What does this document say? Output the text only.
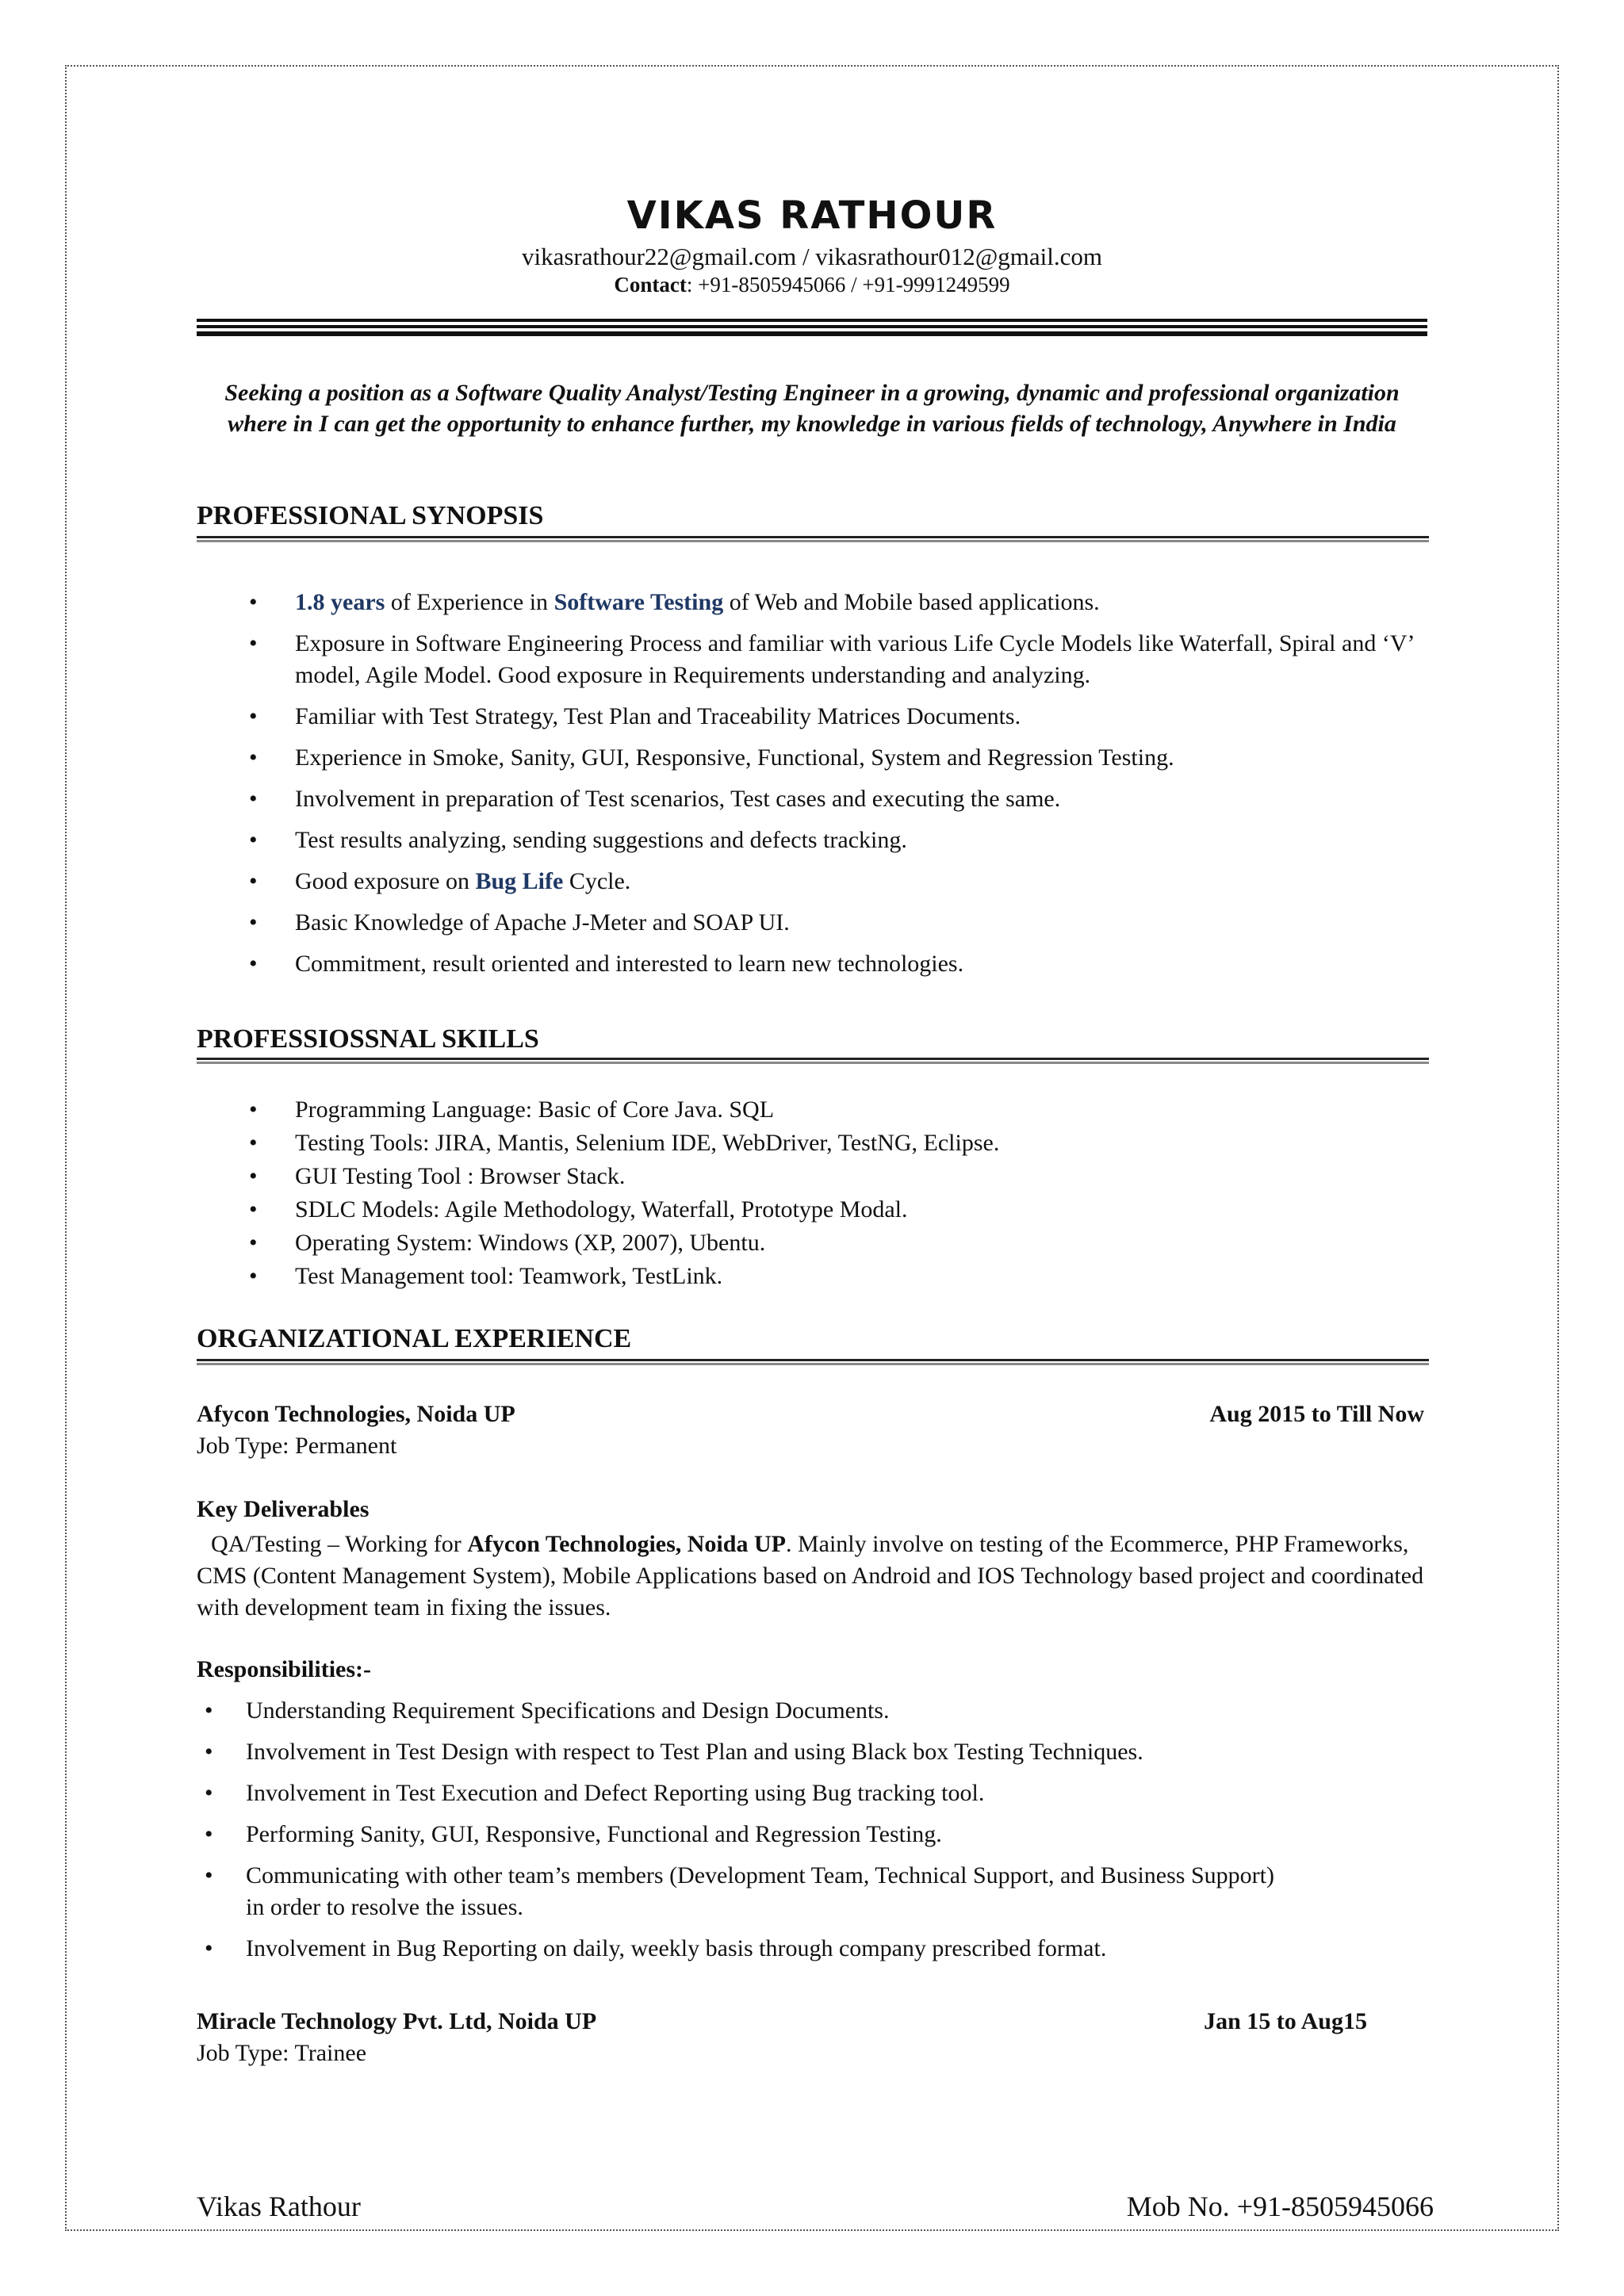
VIKAS RATHOUR
vikasrathour22@gmail.com / vikasrathour012@gmail.com
Contact: +91-8505945066 / +91-9991249599
Seeking a position as a Software Quality Analyst/Testing Engineer in a growing, dynamic and professional organization where in I can get the opportunity to enhance further, my knowledge in various fields of technology, Anywhere in India
PROFESSIONAL SYNOPSIS
• 1.8 years of Experience in Software Testing of Web and Mobile based applications.
• Exposure in Software Engineering Process and familiar with various Life Cycle Models like Waterfall, Spiral and ‘V’ model, Agile Model. Good exposure in Requirements understanding and analyzing.
• Familiar with Test Strategy, Test Plan and Traceability Matrices Documents.
• Experience in Smoke, Sanity, GUI, Responsive, Functional, System and Regression Testing.
• Involvement in preparation of Test scenarios, Test cases and executing the same.
• Test results analyzing, sending suggestions and defects tracking.
• Good exposure on Bug Life Cycle.
• Basic Knowledge of Apache J-Meter and SOAP UI.
• Commitment, result oriented and interested to learn new technologies.
PROFESSIOSSNAL SKILLS
• Programming Language: Basic of Core Java. SQL
• Testing Tools: JIRA, Mantis, Selenium IDE, WebDriver, TestNG, Eclipse.
• GUI Testing Tool : Browser Stack.
• SDLC Models: Agile Methodology, Waterfall, Prototype Modal.
• Operating System: Windows (XP, 2007), Ubentu.
• Test Management tool: Teamwork, TestLink.
ORGANIZATIONAL EXPERIENCE
Afycon Technologies, Noida UP	Aug 2015 to Till Now
Job Type: Permanent
Key Deliverables
QA/Testing – Working for Afycon Technologies, Noida UP. Mainly involve on testing of the Ecommerce, PHP Frameworks, CMS (Content Management System), Mobile Applications based on Android and IOS Technology based project and coordinated with development team in fixing the issues.
Responsibilities:-
• Understanding Requirement Specifications and Design Documents.
• Involvement in Test Design with respect to Test Plan and using Black box Testing Techniques.
• Involvement in Test Execution and Defect Reporting using Bug tracking tool.
• Performing Sanity, GUI, Responsive, Functional and Regression Testing.
• Communicating with other team’s members (Development Team, Technical Support, and Business Support) in order to resolve the issues.
• Involvement in Bug Reporting on daily, weekly basis through company prescribed format.
Miracle Technology Pvt. Ltd, Noida UP	Jan 15 to Aug15
Job Type: Trainee
Vikas Rathour	Mob No. +91-8505945066
